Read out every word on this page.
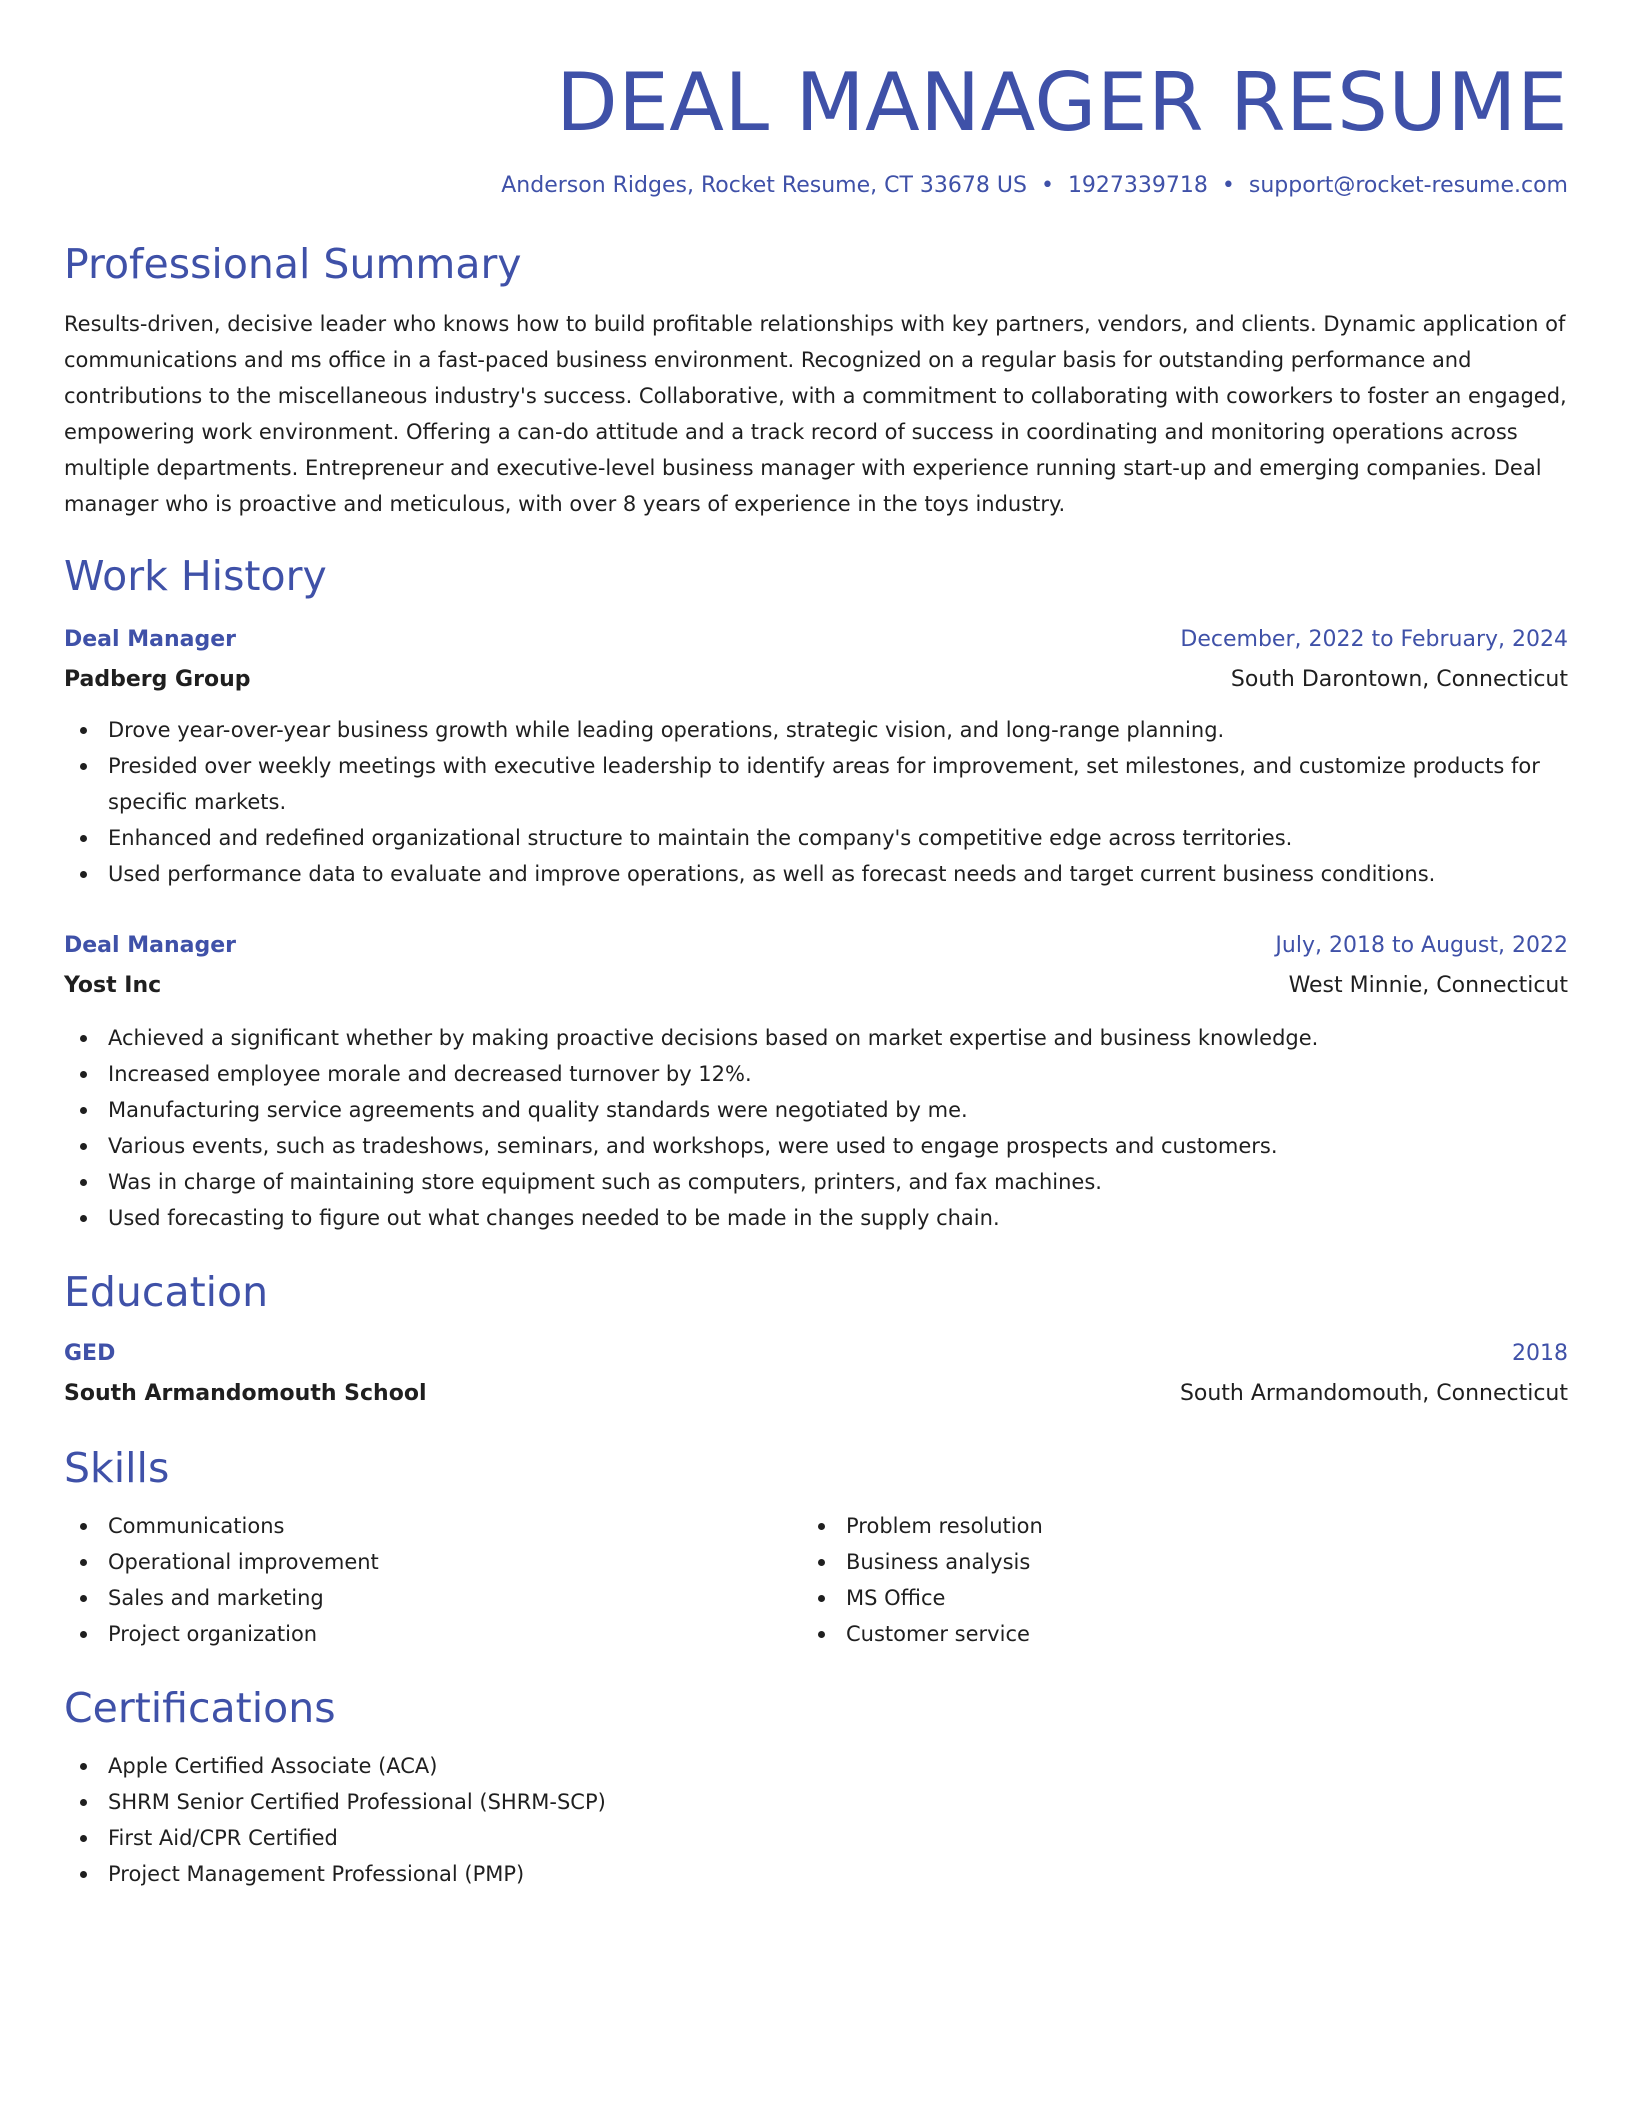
DEAL MANAGER RESUME
Anderson Ridges, Rocket Resume, CT 33678 US • 1927339718 • support@rocket-resume.com
Professional Summary

Results-driven, decisive leader who knows how to build profitable relationships with key partners, vendors, and clients. Dynamic application of communications and ms office in a fast-paced business environment. Recognized on a regular basis for outstanding performance and contributions to the miscellaneous industry's success. Collaborative, with a commitment to collaborating with coworkers to foster an engaged, empowering work environment. Offering a can-do attitude and a track record of success in coordinating and monitoring operations across multiple departments. Entrepreneur and executive-level business manager with experience running start-up and emerging companies. Deal manager who is proactive and meticulous, with over 8 years of experience in the toys industry.

Work History
Deal Manager	December, 2022 to February, 2024
Padberg Group	South Darontown, Connecticut
Drove year-over-year business growth while leading operations, strategic vision, and long-range planning.
Presided over weekly meetings with executive leadership to identify areas for improvement, set milestones, and customize products for specific markets.
Enhanced and redefined organizational structure to maintain the company's competitive edge across territories.
Used performance data to evaluate and improve operations, as well as forecast needs and target current business conditions.
Deal Manager	July, 2018 to August, 2022
Yost Inc	West Minnie, Connecticut
Achieved a significant whether by making proactive decisions based on market expertise and business knowledge.
Increased employee morale and decreased turnover by 12%.
Manufacturing service agreements and quality standards were negotiated by me.
Various events, such as tradeshows, seminars, and workshops, were used to engage prospects and customers.
Was in charge of maintaining store equipment such as computers, printers, and fax machines.
Used forecasting to figure out what changes needed to be made in the supply chain.
Education
GED	2018
South Armandomouth School	South Armandomouth, Connecticut
Skills
Communications
Operational improvement
Sales and marketing
Project organization
Problem resolution
Business analysis
MS Office
Customer service
Certifications
Apple Certified Associate (ACA)
SHRM Senior Certified Professional (SHRM-SCP)
First Aid/CPR Certified
Project Management Professional (PMP)
